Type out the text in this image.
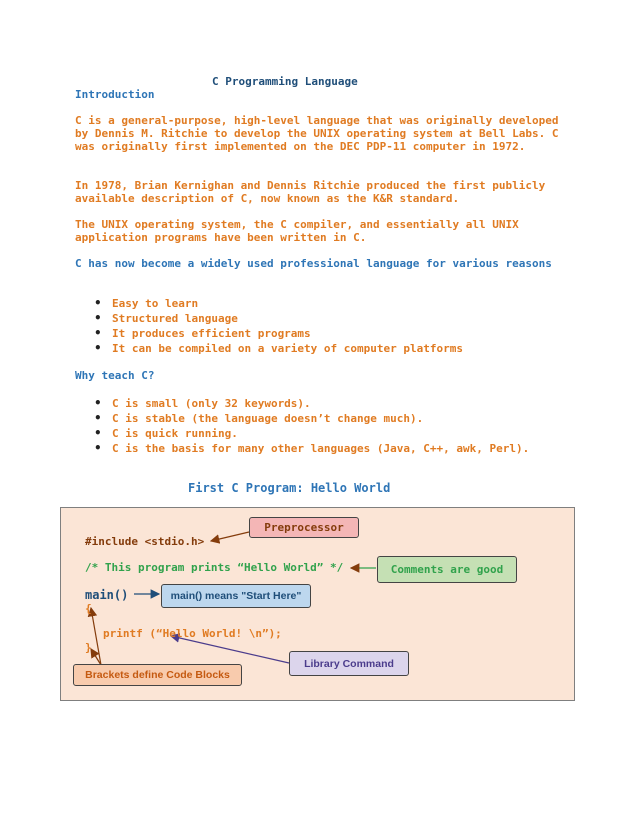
C Programming Language
Introduction

C is a general-purpose, high-level language that was originally developed by Dennis M. Ritchie to develop the UNIX operating system at Bell Labs. C was originally first implemented on the DEC PDP-11 computer in 1972.

In 1978, Brian Kernighan and Dennis Ritchie produced the first publicly available description of C, now known as the K&R standard.

The UNIX operating system, the C compiler, and essentially all UNIX application programs have been written in C.

C has now become a widely used professional language for various reasons

• Easy to learn
• Structured language
• It produces efficient programs
• It can be compiled on a variety of computer platforms
Why teach C?
• C is small (only 32 keywords).
• C is stable (the language doesn’t change much).
• C is quick running.
• C is the basis for many other languages (Java, C++, awk, Perl).
First C Program: Hello World
#include <stdio.h>
/* This program prints “Hello World” */
main()
{
printf (“Hello World! \n”);
}
Preprocessor
Comments are good
main() means "Start Here"
Library Command
Brackets define Code Blocks
